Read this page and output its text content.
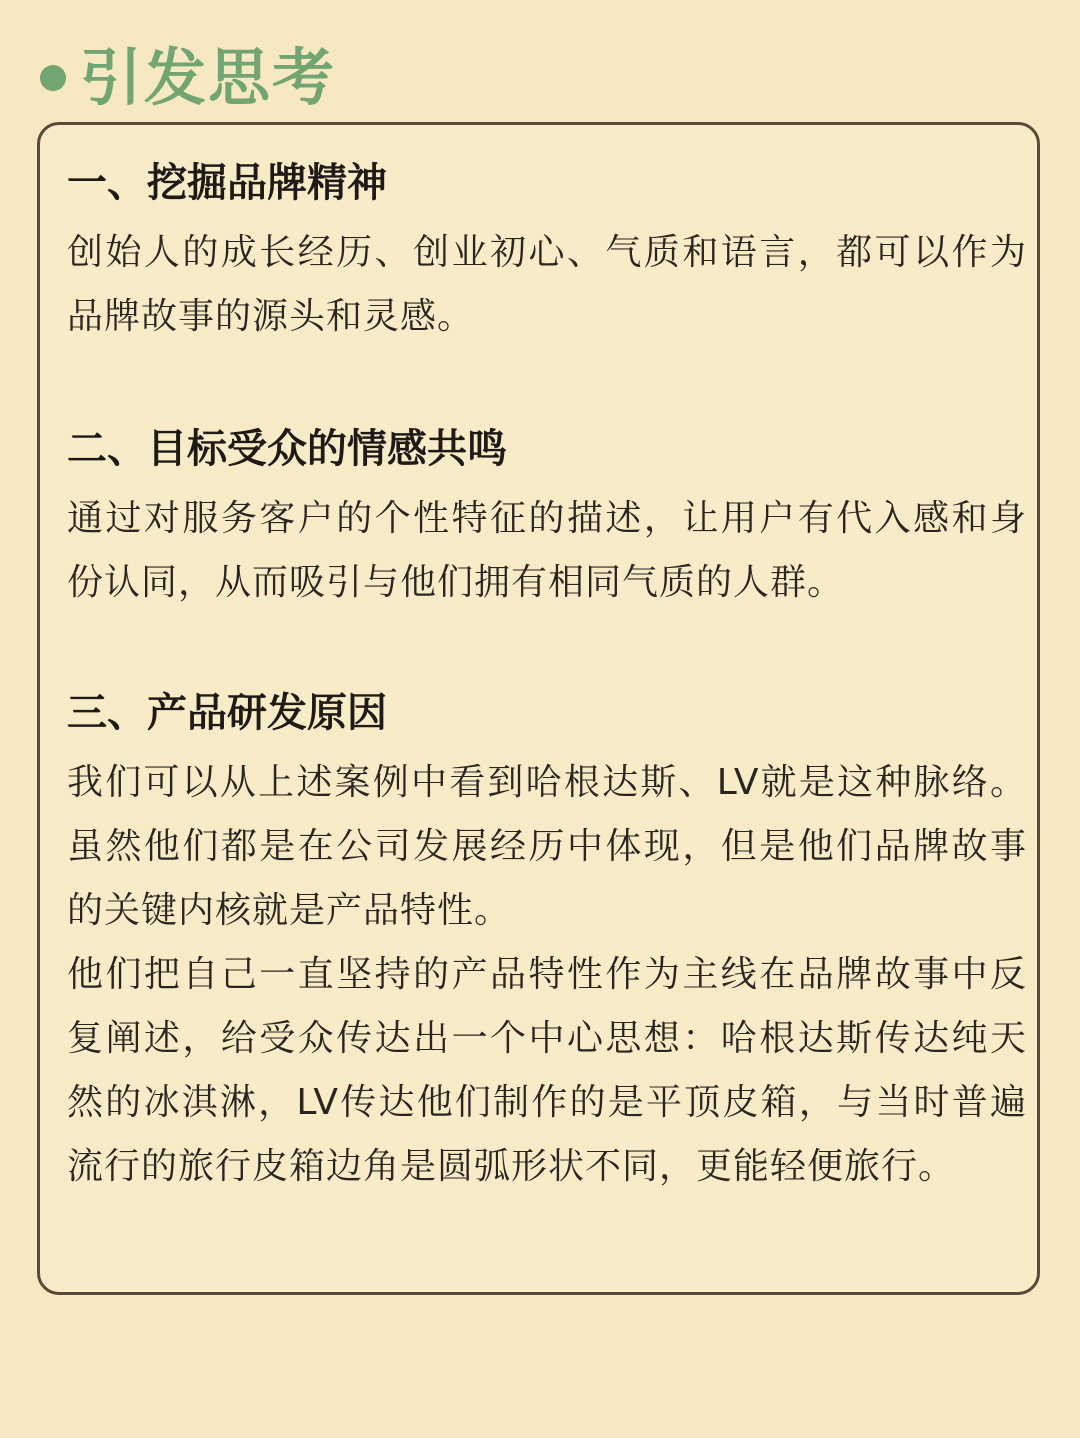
引发思考
一、挖掘品牌精神

创始人的成长经历、创业初心、气质和语言，都可以作为品牌故事的源头和灵感。

二、目标受众的情感共鸣

通过对服务客户的个性特征的描述，让用户有代入感和身份认同，从而吸引与他们拥有相同气质的人群。

三、产品研发原因

我们可以从上述案例中看到哈根达斯、LV就是这种脉络。虽然他们都是在公司发展经历中体现，但是他们品牌故事的关键内核就是产品特性。

他们把自己一直坚持的产品特性作为主线在品牌故事中反复阐述，给受众传达出一个中心思想：哈根达斯传达纯天然的冰淇淋，LV传达他们制作的是平顶皮箱，与当时普遍流行的旅行皮箱边角是圆弧形状不同，更能轻便旅行。
